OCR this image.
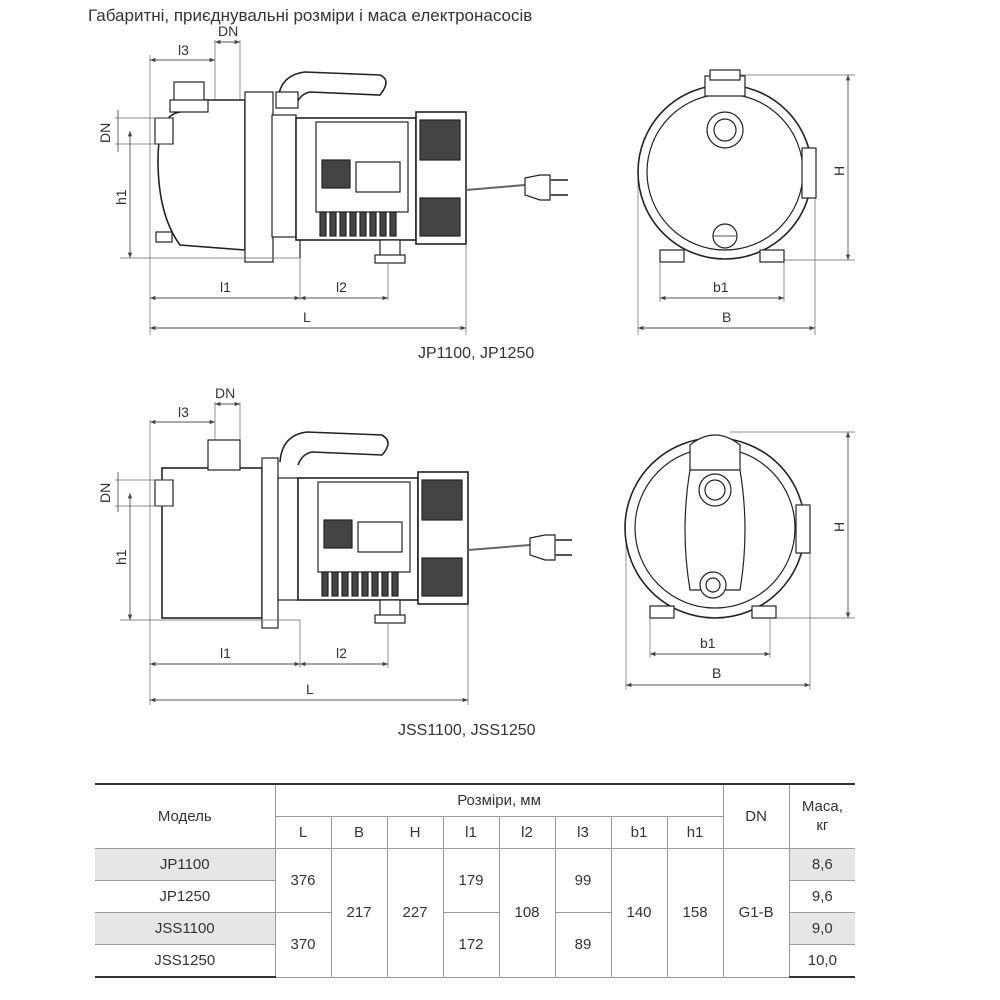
Габаритні, приєднувальні розміри і маса електронасосів
l3
DN
DN
h1
l1	l2
L
H
b1
B
JP1100, JP1250
l3
DN
DN
h1
l1	l2
L
H
b1
B
JSS1100, JSS1250
Модель	Розміри, мм								DN	Маса, кг
	L	B	H	l1	l2	l3	b1	h1		
JP1100	376	217	227	179	108	99	140	158	G1-B	8,6
JP1250										9,6
JSS1100	370			172		89				9,0
JSS1250										10,0
